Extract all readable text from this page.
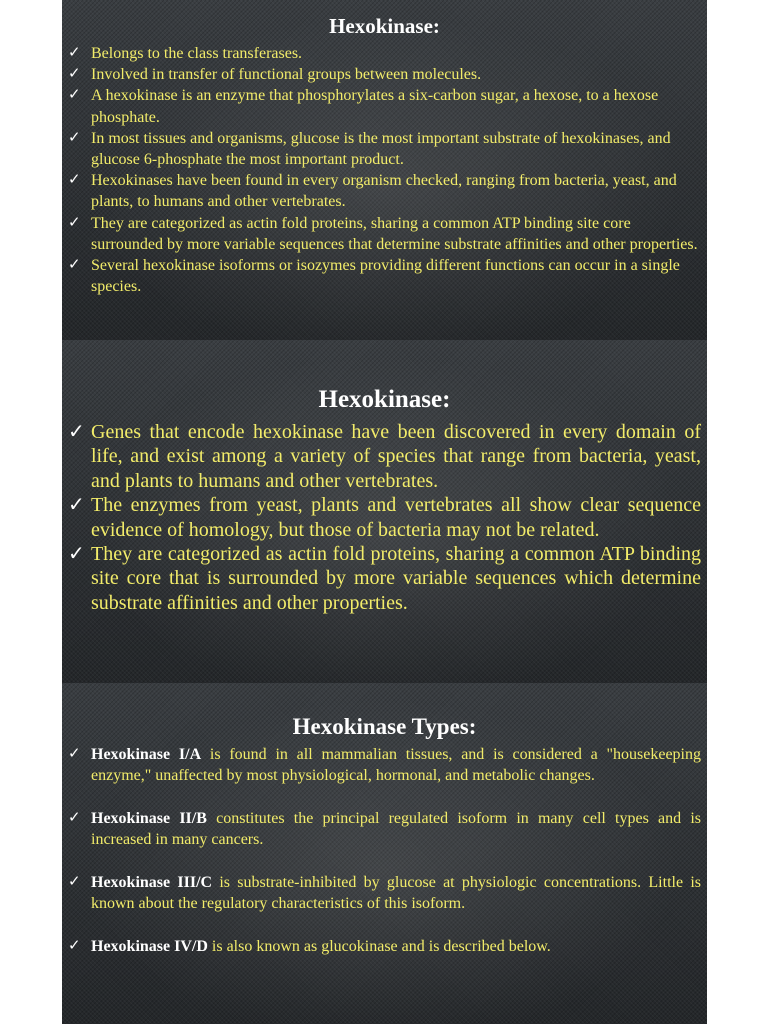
Hexokinase:
✓ Belongs to the class transferases.
✓ Involved in transfer of functional groups between molecules.
✓ A hexokinase is an enzyme that phosphorylates a six-carbon sugar, a hexose, to a hexose phosphate.
✓ In most tissues and organisms, glucose is the most important substrate of hexokinases, and glucose 6-phosphate the most important product.
✓ Hexokinases have been found in every organism checked, ranging from bacteria, yeast, and plants, to humans and other vertebrates.
✓ They are categorized as actin fold proteins, sharing a common ATP binding site core surrounded by more variable sequences that determine substrate affinities and other properties.
✓ Several hexokinase isoforms or isozymes providing different functions can occur in a single species.
Hexokinase:
✓ Genes that encode hexokinase have been discovered in every domain of life, and exist among a variety of species that range from bacteria, yeast, and plants to humans and other vertebrates.
✓ The enzymes from yeast, plants and vertebrates all show clear sequence evidence of homology, but those of bacteria may not be related.
✓ They are categorized as actin fold proteins, sharing a common ATP binding site core that is surrounded by more variable sequences which determine substrate affinities and other properties.
Hexokinase Types:
✓ Hexokinase I/A is found in all mammalian tissues, and is considered a "housekeeping enzyme," unaffected by most physiological, hormonal, and metabolic changes.
✓ Hexokinase II/B constitutes the principal regulated isoform in many cell types and is increased in many cancers.
✓ Hexokinase III/C is substrate-inhibited by glucose at physiologic concentrations. Little is known about the regulatory characteristics of this isoform.
✓ Hexokinase IV/D is also known as glucokinase and is described below.
